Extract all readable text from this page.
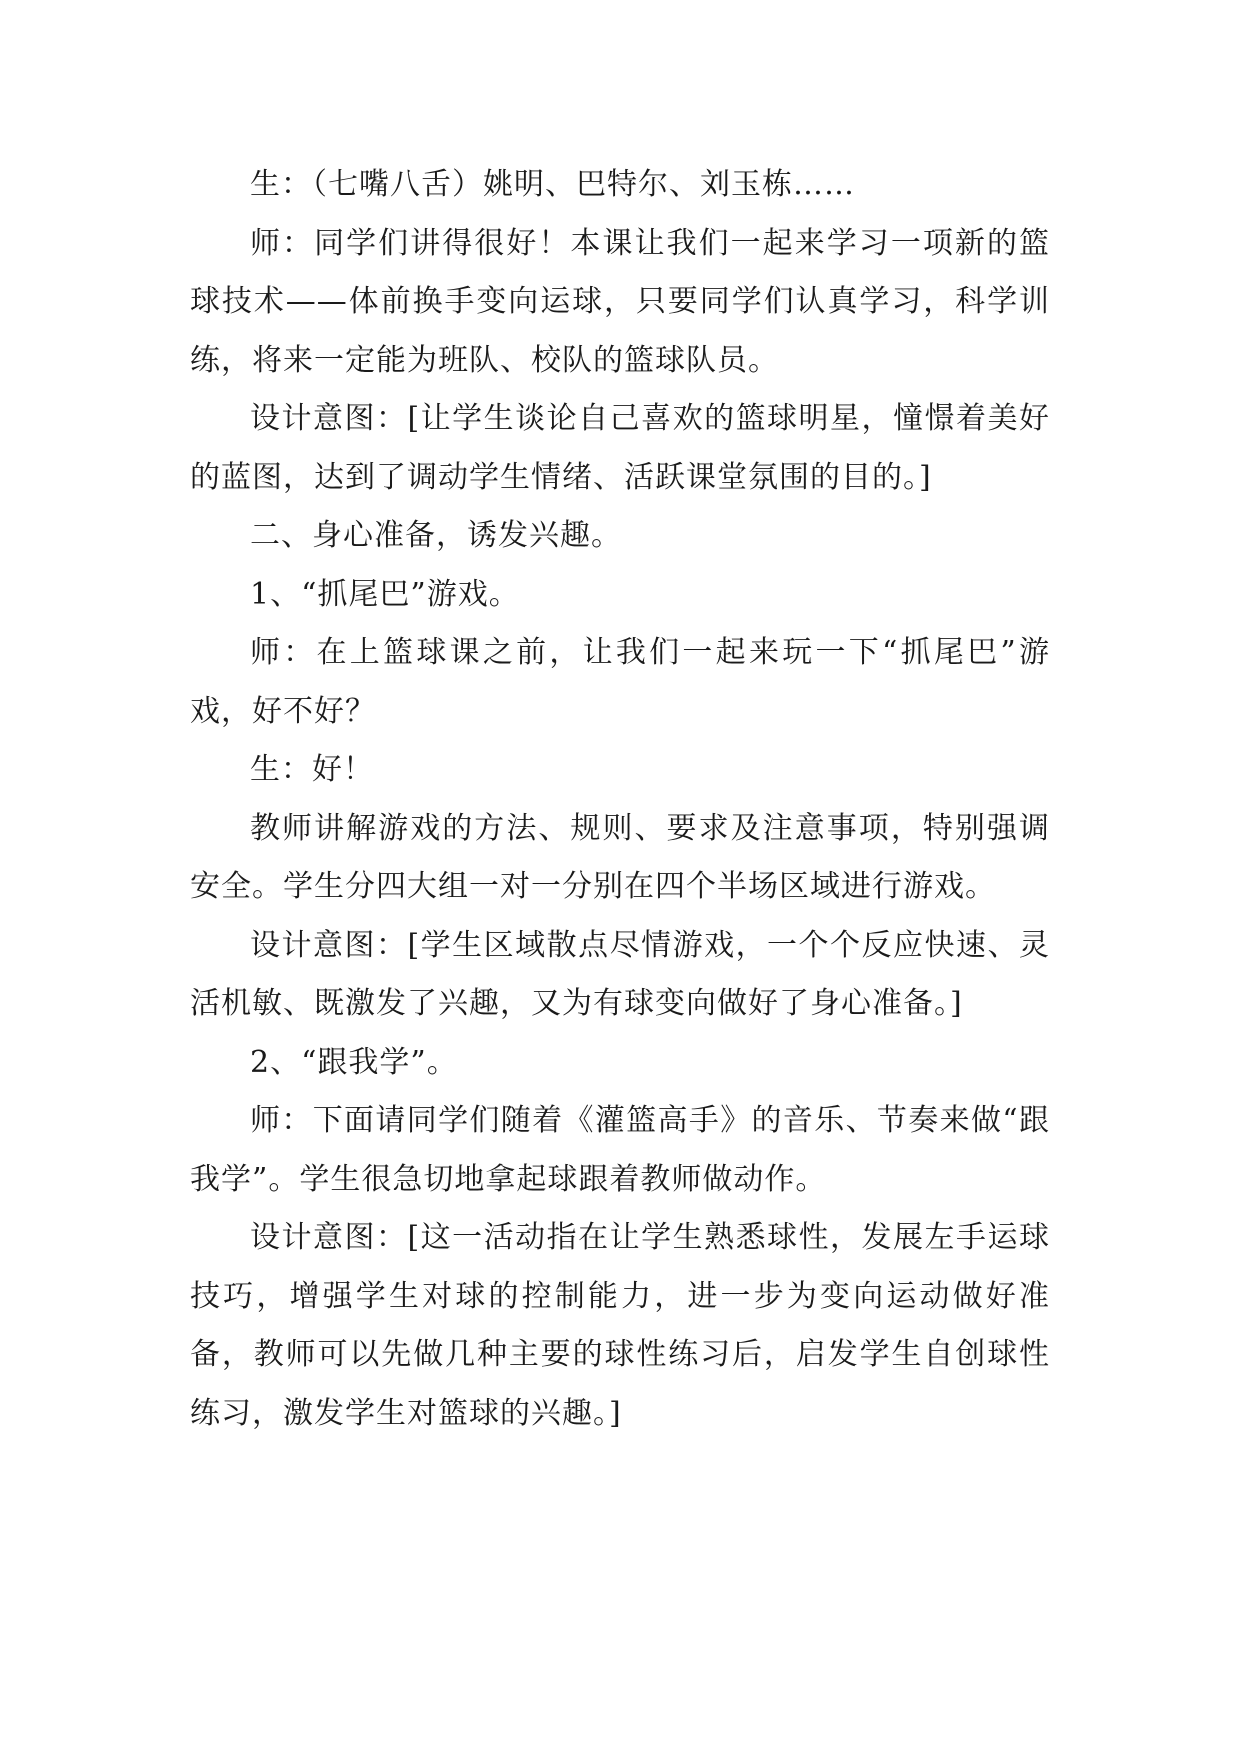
生：（七嘴八舌）姚明、巴特尔、刘玉栋……

师：同学们讲得很好！本课让我们一起来学习一项新的篮球技术——体前换手变向运球，只要同学们认真学习，科学训练，将来一定能为班队、校队的篮球队员。

设计意图：[让学生谈论自己喜欢的篮球明星，憧憬着美好的蓝图，达到了调动学生情绪、活跃课堂氛围的目的。]

二、身心准备，诱发兴趣。

1、“抓尾巴”游戏。

师：在上篮球课之前，让我们一起来玩一下“抓尾巴”游戏，好不好？

生：好！

教师讲解游戏的方法、规则、要求及注意事项，特别强调安全。学生分四大组一对一分别在四个半场区域进行游戏。

设计意图：[学生区域散点尽情游戏，一个个反应快速、灵活机敏、既激发了兴趣，又为有球变向做好了身心准备。]

2、“跟我学”。

师：下面请同学们随着《灌篮高手》的音乐、节奏来做“跟我学”。学生很急切地拿起球跟着教师做动作。

设计意图：[这一活动指在让学生熟悉球性，发展左手运球技巧，增强学生对球的控制能力，进一步为变向运动做好准备，教师可以先做几种主要的球性练习后，启发学生自创球性练习，激发学生对篮球的兴趣。]
